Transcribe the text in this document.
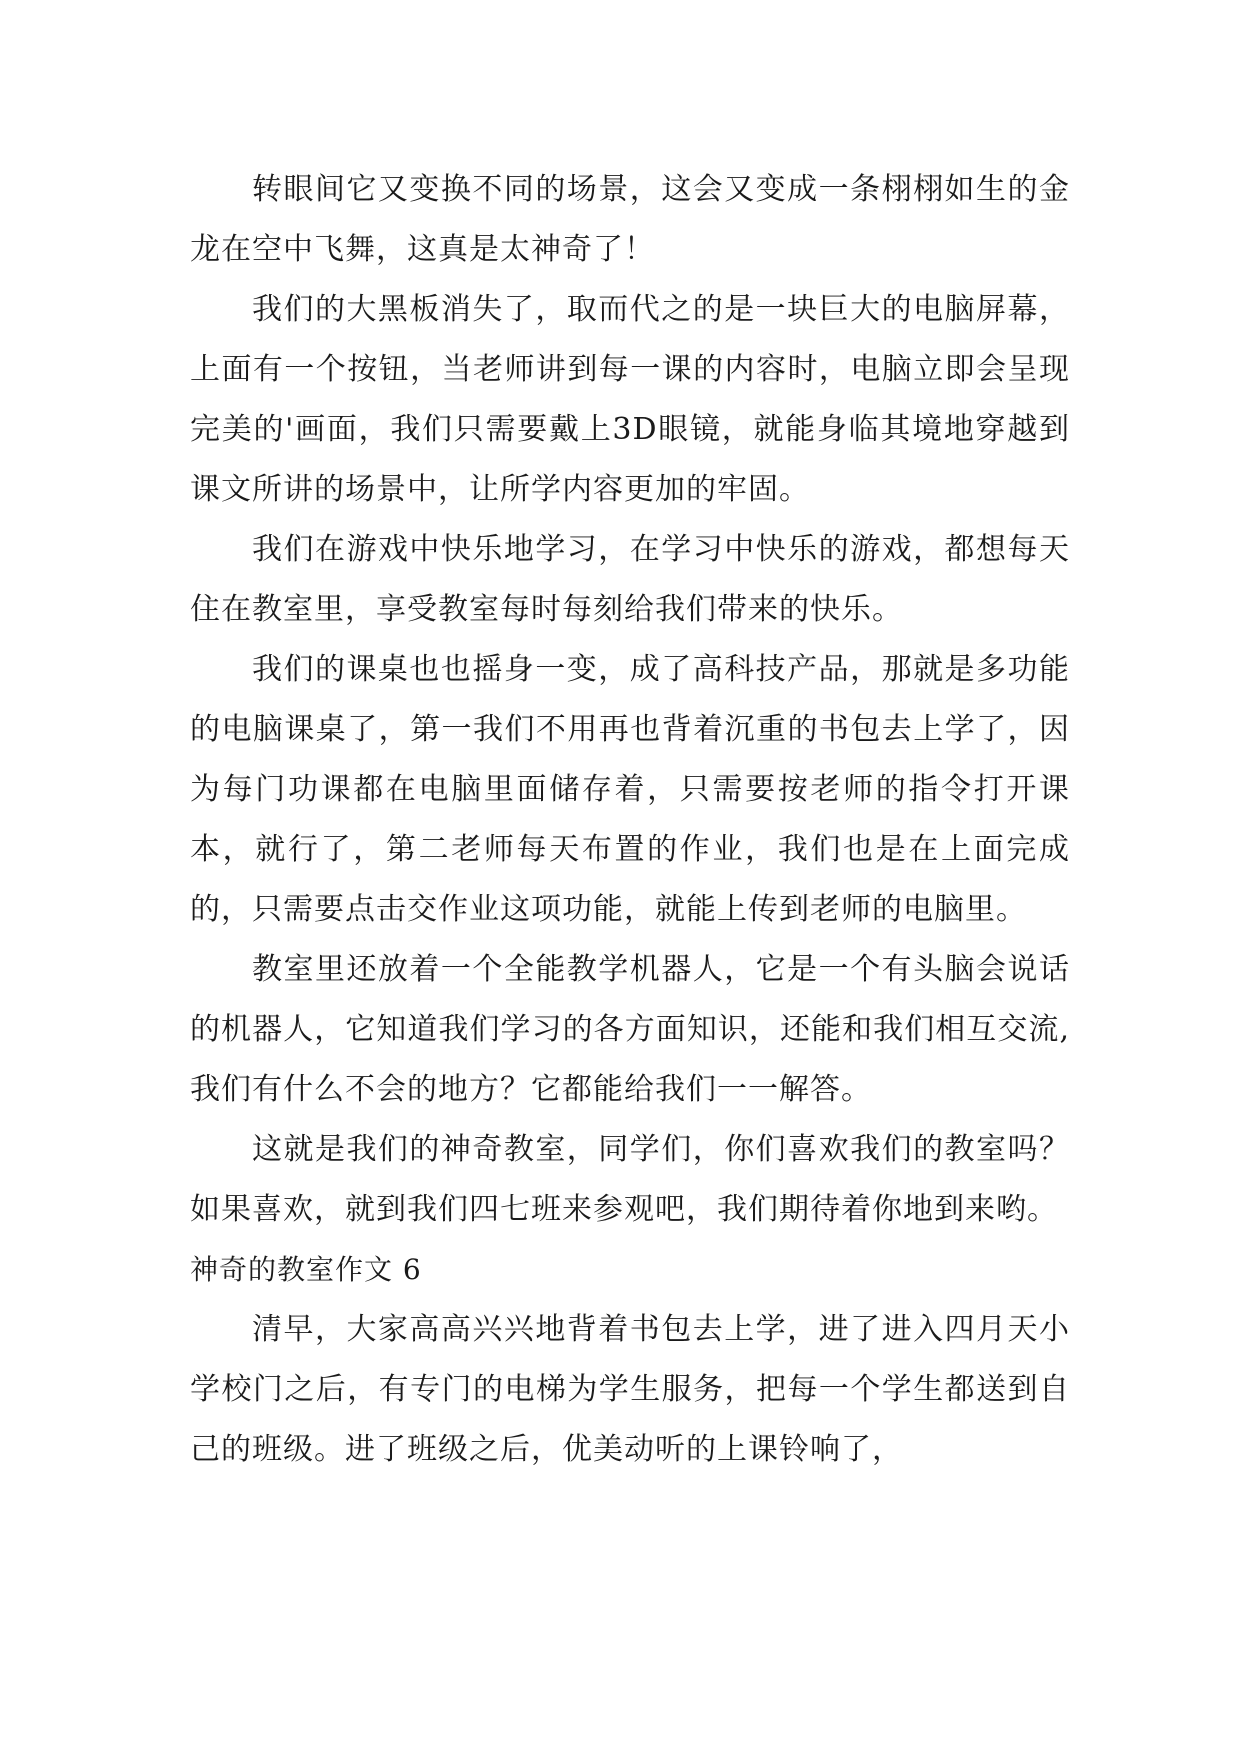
转眼间它又变换不同的场景，这会又变成一条栩栩如生的金龙在空中飞舞，这真是太神奇了！

我们的大黑板消失了，取而代之的是一块巨大的电脑屏幕，上面有一个按钮，当老师讲到每一课的内容时，电脑立即会呈现完美的'画面，我们只需要戴上3D眼镜，就能身临其境地穿越到课文所讲的场景中，让所学内容更加的牢固。

我们在游戏中快乐地学习，在学习中快乐的游戏，都想每天住在教室里，享受教室每时每刻给我们带来的快乐。

我们的课桌也也摇身一变，成了高科技产品，那就是多功能的电脑课桌了，第一我们不用再也背着沉重的书包去上学了，因为每门功课都在电脑里面储存着，只需要按老师的指令打开课本，就行了，第二老师每天布置的作业，我们也是在上面完成的，只需要点击交作业这项功能，就能上传到老师的电脑里。

教室里还放着一个全能教学机器人，它是一个有头脑会说话的机器人，它知道我们学习的各方面知识，还能和我们相互交流,我们有什么不会的地方？它都能给我们一一解答。

这就是我们的神奇教室，同学们，你们喜欢我们的教室吗？如果喜欢，就到我们四七班来参观吧，我们期待着你地到来哟。

神奇的教室作文 6

清早，大家高高兴兴地背着书包去上学，进了进入四月天小学校门之后，有专门的电梯为学生服务，把每一个学生都送到自己的班级。进了班级之后，优美动听的上课铃响了，
